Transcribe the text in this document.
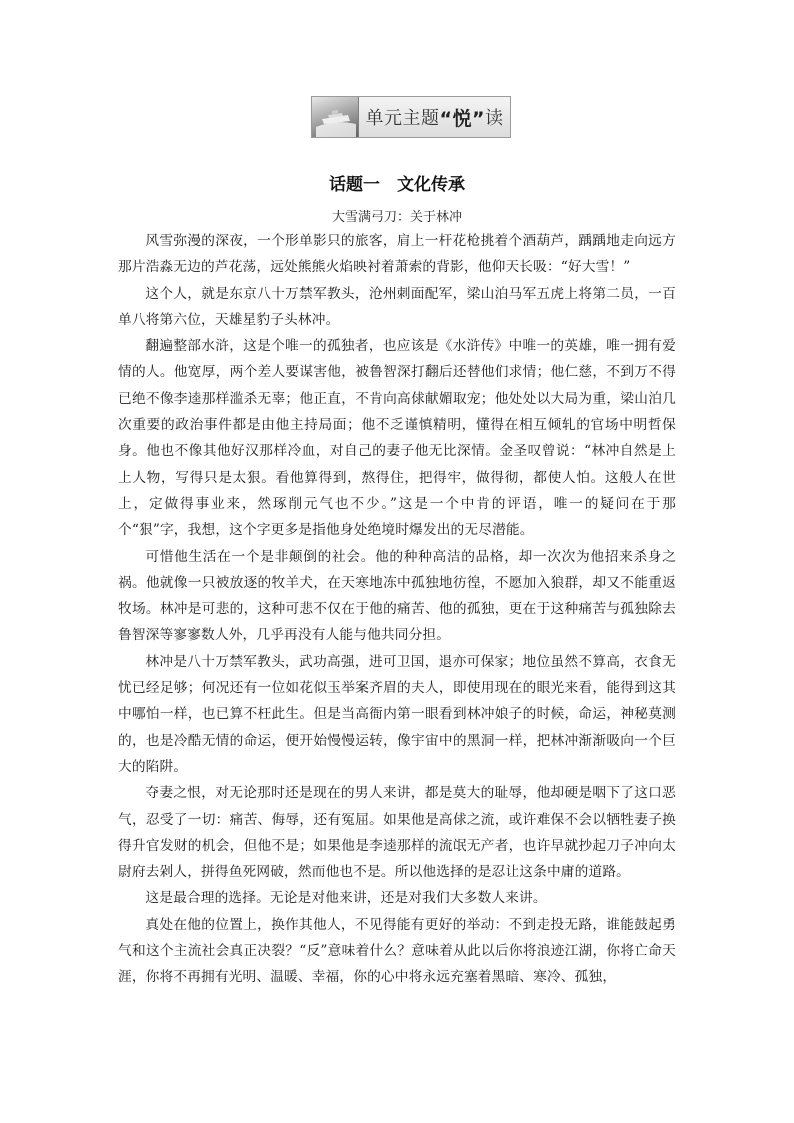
单元主题 “悦” 读
话题一　文化传承
大雪满弓刀：关于林冲

风雪弥漫的深夜，一个形单影只的旅客，肩上一杆花枪挑着个酒葫芦，踽踽地走向远方那片浩淼无边的芦花荡，远处熊熊火焰映衬着萧索的背影，他仰天长吸：“好大雪！”

这个人，就是东京八十万禁军教头，沧州刺面配军，梁山泊马军五虎上将第二员，一百单八将第六位，天雄星豹子头林冲。

翻遍整部水浒，这是个唯一的孤独者，也应该是《水浒传》中唯一的英雄，唯一拥有爱情的人。他宽厚，两个差人要谋害他，被鲁智深打翻后还替他们求情；他仁慈，不到万不得已绝不像李逵那样滥杀无辜；他正直，不肯向高俅献媚取宠；他处处以大局为重，梁山泊几次重要的政治事件都是由他主持局面；他不乏谨慎精明，懂得在相互倾轧的官场中明哲保身。他也不像其他好汉那样冷血，对自己的妻子他无比深情。金圣叹曾说：“林冲自然是上上人物，写得只是太狠。看他算得到，熬得住，把得牢，做得彻，都使人怕。这般人在世上，定做得事业来，然琢削元气也不少。”这是一个中肯的评语，唯一的疑问在于那个“狠”字，我想，这个字更多是指他身处绝境时爆发出的无尽潜能。

可惜他生活在一个是非颠倒的社会。他的种种高洁的品格，却一次次为他招来杀身之祸。他就像一只被放逐的牧羊犬，在天寒地冻中孤独地彷徨，不愿加入狼群，却又不能重返牧场。林冲是可悲的，这种可悲不仅在于他的痛苦、他的孤独，更在于这种痛苦与孤独除去鲁智深等寥寥数人外，几乎再没有人能与他共同分担。

林冲是八十万禁军教头，武功高强，进可卫国，退亦可保家；地位虽然不算高，衣食无忧已经足够；何况还有一位如花似玉举案齐眉的夫人，即使用现在的眼光来看，能得到这其中哪怕一样，也已算不枉此生。但是当高衙内第一眼看到林冲娘子的时候，命运，神秘莫测的，也是冷酷无情的命运，便开始慢慢运转，像宇宙中的黑洞一样，把林冲渐渐吸向一个巨大的陷阱。

夺妻之恨，对无论那时还是现在的男人来讲，都是莫大的耻辱，他却硬是咽下了这口恶气，忍受了一切：痛苦、侮辱，还有冤屈。如果他是高俅之流，或许难保不会以牺牲妻子换得升官发财的机会，但他不是；如果他是李逵那样的流氓无产者，也许早就抄起刀子冲向太尉府去剁人，拼得鱼死网破，然而他也不是。所以他选择的是忍让这条中庸的道路。

这是最合理的选择。无论是对他来讲，还是对我们大多数人来讲。

真处在他的位置上，换作其他人，不见得能有更好的举动：不到走投无路，谁能鼓起勇气和这个主流社会真正决裂？“反”意味着什么？意味着从此以后你将浪迹江湖，你将亡命天涯，你将不再拥有光明、温暖、幸福，你的心中将永远充塞着黑暗、寒冷、孤独，
